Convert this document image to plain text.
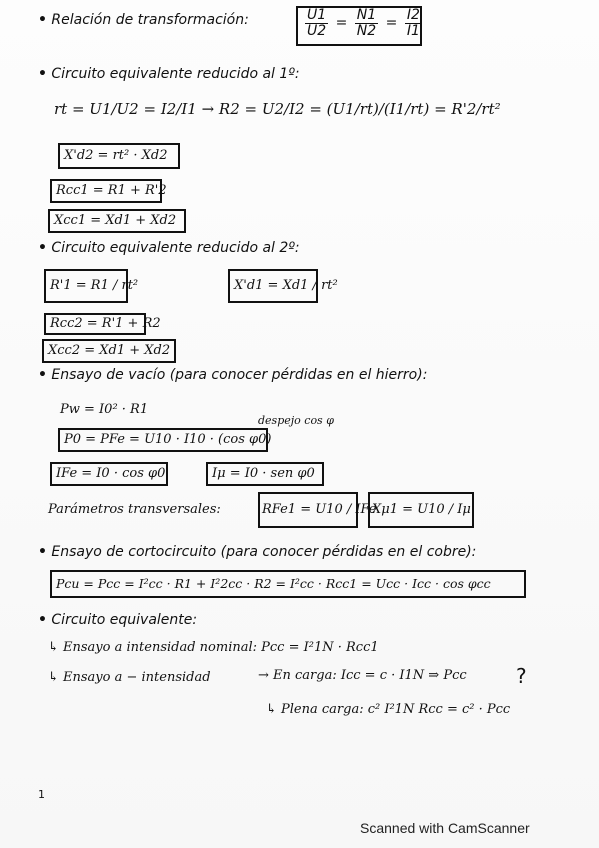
• Relación de transformación:	$\frac{U1}{U2} = \frac{N1}{N2} = \frac{I2}{I1}$
• Circuito equivalente reducido al 1º:
rt = U1/U2 = I2/I1 → R2 = U2/I2 = (U1/rt)/(I1/rt) = R'2/rt²
X'd2 = rt² · Xd2
Rcc1 = R1 + R'2
Xcc1 = Xd1 + Xd2
• Circuito equivalente reducido al 2º:
R'1 = R1 / rt²	X'd1 = Xd1 / rt²
Rcc2 = R'1 + R2
Xcc2 = Xd1 + Xd2
• Ensayo de vacío (para conocer pérdidas en el hierro):
Pw = I0² · R1
despejo cos φ
P0 = PFe = U10 · I10 · (cos φ0)
IFe = I0 · cos φ0	Iμ = I0 · sen φ0
Parámetros transversales:	RFe1 = U10 / IFe
Xμ1 = U10 / Iμ
• Ensayo de cortocircuito (para conocer pérdidas en el cobre):
Pcu = Pcc = I²cc · R1 + I²2cc · R2 = I²cc · Rcc1 = Ucc · Icc · cos φcc
• Circuito equivalente:
↳ Ensayo a intensidad nominal: Pcc = I²1N · Rcc1
↳ Ensayo a − intensidad	→ En carga: Icc = c · I1N ⇒ Pcc
↳ Plena carga: c² I²1N Rcc = c² · Pcc
?
1
Scanned with CamScanner
